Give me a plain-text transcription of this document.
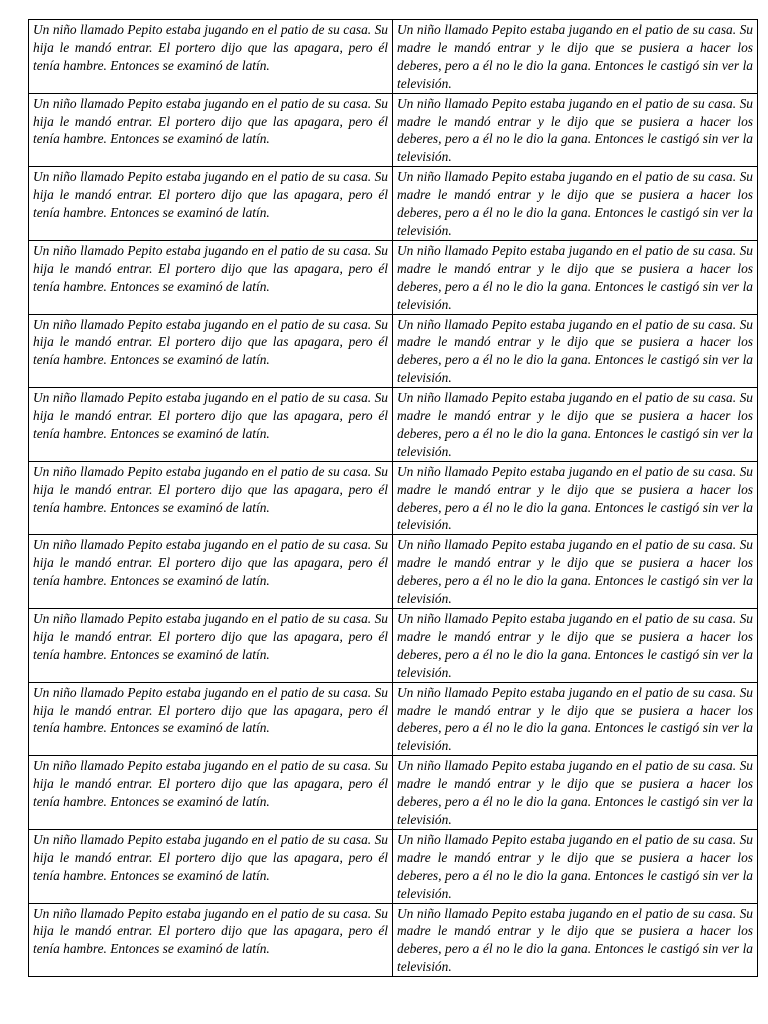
Un niño llamado Pepito estaba jugando en el patio de su casa. Su hija le mandó entrar. El portero dijo que las apagara, pero él tenía hambre. Entonces se examinó de latín.	Un niño llamado Pepito estaba jugando en el patio de su casa. Su madre le mandó entrar y le dijo que se pusiera a hacer los deberes, pero a él no le dio la gana. Entonces le castigó sin ver la televisión.
Un niño llamado Pepito estaba jugando en el patio de su casa. Su hija le mandó entrar. El portero dijo que las apagara, pero él tenía hambre. Entonces se examinó de latín.	Un niño llamado Pepito estaba jugando en el patio de su casa. Su madre le mandó entrar y le dijo que se pusiera a hacer los deberes, pero a él no le dio la gana. Entonces le castigó sin ver la televisión.
Un niño llamado Pepito estaba jugando en el patio de su casa. Su hija le mandó entrar. El portero dijo que las apagara, pero él tenía hambre. Entonces se examinó de latín.	Un niño llamado Pepito estaba jugando en el patio de su casa. Su madre le mandó entrar y le dijo que se pusiera a hacer los deberes, pero a él no le dio la gana. Entonces le castigó sin ver la televisión.
Un niño llamado Pepito estaba jugando en el patio de su casa. Su hija le mandó entrar. El portero dijo que las apagara, pero él tenía hambre. Entonces se examinó de latín.	Un niño llamado Pepito estaba jugando en el patio de su casa. Su madre le mandó entrar y le dijo que se pusiera a hacer los deberes, pero a él no le dio la gana. Entonces le castigó sin ver la televisión.
Un niño llamado Pepito estaba jugando en el patio de su casa. Su hija le mandó entrar. El portero dijo que las apagara, pero él tenía hambre. Entonces se examinó de latín.	Un niño llamado Pepito estaba jugando en el patio de su casa. Su madre le mandó entrar y le dijo que se pusiera a hacer los deberes, pero a él no le dio la gana. Entonces le castigó sin ver la televisión.
Un niño llamado Pepito estaba jugando en el patio de su casa. Su hija le mandó entrar. El portero dijo que las apagara, pero él tenía hambre. Entonces se examinó de latín.	Un niño llamado Pepito estaba jugando en el patio de su casa. Su madre le mandó entrar y le dijo que se pusiera a hacer los deberes, pero a él no le dio la gana. Entonces le castigó sin ver la televisión.
Un niño llamado Pepito estaba jugando en el patio de su casa. Su hija le mandó entrar. El portero dijo que las apagara, pero él tenía hambre. Entonces se examinó de latín.	Un niño llamado Pepito estaba jugando en el patio de su casa. Su madre le mandó entrar y le dijo que se pusiera a hacer los deberes, pero a él no le dio la gana. Entonces le castigó sin ver la televisión.
Un niño llamado Pepito estaba jugando en el patio de su casa. Su hija le mandó entrar. El portero dijo que las apagara, pero él tenía hambre. Entonces se examinó de latín.	Un niño llamado Pepito estaba jugando en el patio de su casa. Su madre le mandó entrar y le dijo que se pusiera a hacer los deberes, pero a él no le dio la gana. Entonces le castigó sin ver la televisión.
Un niño llamado Pepito estaba jugando en el patio de su casa. Su hija le mandó entrar. El portero dijo que las apagara, pero él tenía hambre. Entonces se examinó de latín.	Un niño llamado Pepito estaba jugando en el patio de su casa. Su madre le mandó entrar y le dijo que se pusiera a hacer los deberes, pero a él no le dio la gana. Entonces le castigó sin ver la televisión.
Un niño llamado Pepito estaba jugando en el patio de su casa. Su hija le mandó entrar. El portero dijo que las apagara, pero él tenía hambre. Entonces se examinó de latín.	Un niño llamado Pepito estaba jugando en el patio de su casa. Su madre le mandó entrar y le dijo que se pusiera a hacer los deberes, pero a él no le dio la gana. Entonces le castigó sin ver la televisión.
Un niño llamado Pepito estaba jugando en el patio de su casa. Su hija le mandó entrar. El portero dijo que las apagara, pero él tenía hambre. Entonces se examinó de latín.	Un niño llamado Pepito estaba jugando en el patio de su casa. Su madre le mandó entrar y le dijo que se pusiera a hacer los deberes, pero a él no le dio la gana. Entonces le castigó sin ver la televisión.
Un niño llamado Pepito estaba jugando en el patio de su casa. Su hija le mandó entrar. El portero dijo que las apagara, pero él tenía hambre. Entonces se examinó de latín.	Un niño llamado Pepito estaba jugando en el patio de su casa. Su madre le mandó entrar y le dijo que se pusiera a hacer los deberes, pero a él no le dio la gana. Entonces le castigó sin ver la televisión.
Un niño llamado Pepito estaba jugando en el patio de su casa. Su hija le mandó entrar. El portero dijo que las apagara, pero él tenía hambre. Entonces se examinó de latín.	Un niño llamado Pepito estaba jugando en el patio de su casa. Su madre le mandó entrar y le dijo que se pusiera a hacer los deberes, pero a él no le dio la gana. Entonces le castigó sin ver la televisión.
